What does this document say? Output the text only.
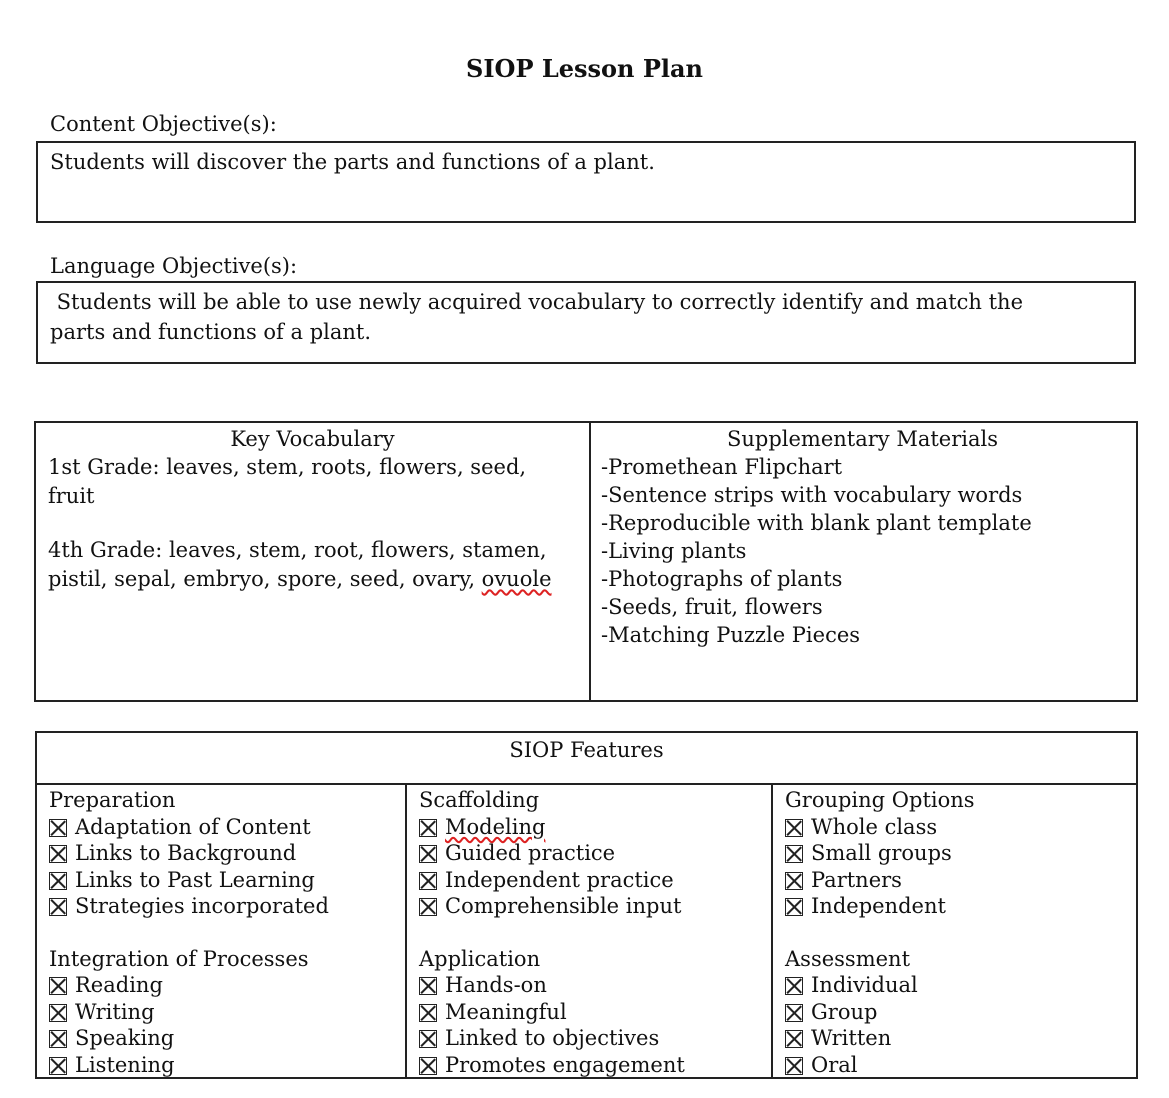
SIOP Lesson Plan
Content Objective(s):
Students will discover the parts and functions of a plant.
Language Objective(s):
Students will be able to use newly acquired vocabulary to correctly identify and match the
parts and functions of a plant.
Key Vocabulary
1st Grade: leaves, stem, roots, flowers, seed, fruit
4th Grade: leaves, stem, root, flowers, stamen,
pistil, sepal, embryo, spore, seed, ovary, ovuole
Supplementary Materials
-Promethean Flipchart
-Sentence strips with vocabulary words
-Reproducible with blank plant template
-Living plants
-Photographs of plants
-Seeds, fruit, flowers
-Matching Puzzle Pieces
SIOP Features
Preparation
Adaptation of Content
Links to Background
Links to Past Learning
Strategies incorporated
Integration of Processes
Reading
Writing
Speaking
Listening
Scaffolding
Modeling
Guided practice
Independent practice
Comprehensible input
Application
Hands-on
Meaningful
Linked to objectives
Promotes engagement
Grouping Options
Whole class
Small groups
Partners
Independent
Assessment
Individual
Group
Written
Oral
